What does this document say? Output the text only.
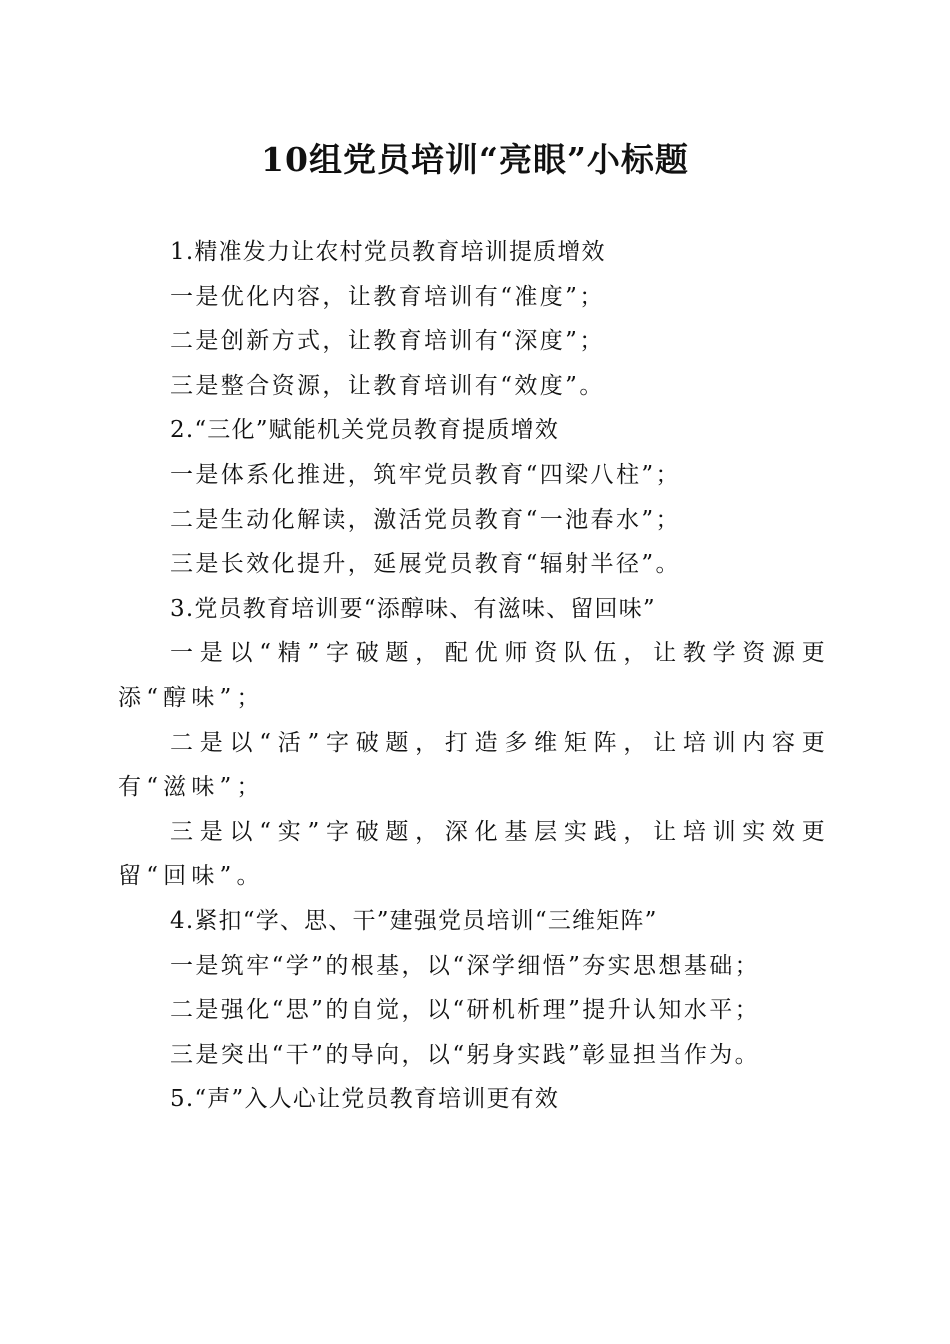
10组党员培训“亮眼”小标题

1.精准发力让农村党员教育培训提质增效

一是优化内容，让教育培训有“准度”；

二是创新方式，让教育培训有“深度”；

三是整合资源，让教育培训有“效度”。

2.“三化”赋能机关党员教育提质增效

一是体系化推进，筑牢党员教育“四梁八柱”；

二是生动化解读，激活党员教育“一池春水”；

三是长效化提升，延展党员教育“辐射半径”。

3.党员教育培训要“添醇味、有滋味、留回味”

一是以“精”字破题，配优师资队伍，让教学资源更添“醇味”；

二是以“活”字破题，打造多维矩阵，让培训内容更有“滋味”；

三是以“实”字破题，深化基层实践，让培训实效更留“回味”。

4.紧扣“学、思、干”建强党员培训“三维矩阵”

一是筑牢“学”的根基，以“深学细悟”夯实思想基础；

二是强化“思”的自觉，以“研机析理”提升认知水平；

三是突出“干”的导向，以“躬身实践”彰显担当作为。

5.“声”入人心让党员教育培训更有效
